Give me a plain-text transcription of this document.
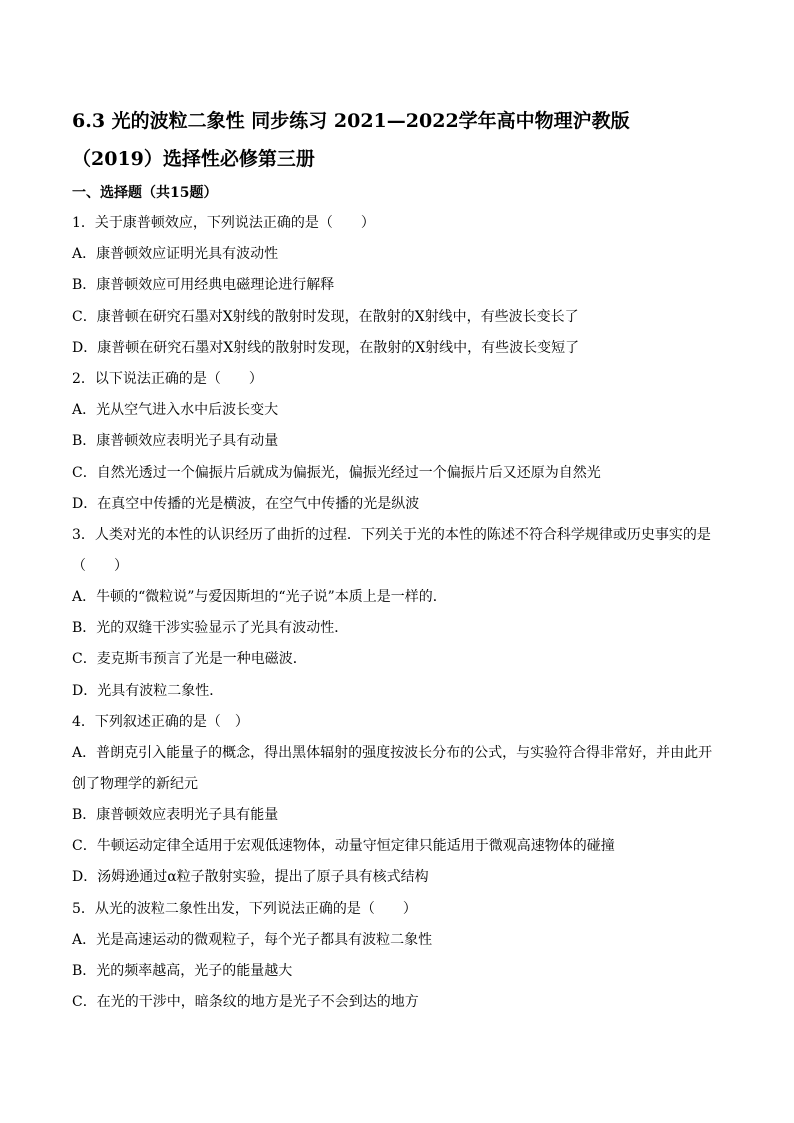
6.3 光的波粒二象性 同步练习 2021—2022学年高中物理沪教版
（2019）选择性必修第三册
一、选择题（共15题）

1．关于康普顿效应，下列说法正确的是（　　）

A．康普顿效应证明光具有波动性

B．康普顿效应可用经典电磁理论进行解释

C．康普顿在研究石墨对X射线的散射时发现，在散射的X射线中，有些波长变长了

D．康普顿在研究石墨对X射线的散射时发现，在散射的X射线中，有些波长变短了

2．以下说法正确的是（　　）

A．光从空气进入水中后波长变大

B．康普顿效应表明光子具有动量

C．自然光透过一个偏振片后就成为偏振光，偏振光经过一个偏振片后又还原为自然光

D．在真空中传播的光是横波，在空气中传播的光是纵波

3．人类对光的本性的认识经历了曲折的过程．下列关于光的本性的陈述不符合科学规律或历史事实的是（　　）

A．牛顿的“微粒说”与爱因斯坦的“光子说”本质上是一样的．

B．光的双缝干涉实验显示了光具有波动性．

C．麦克斯韦预言了光是一种电磁波．

D．光具有波粒二象性．

4．下列叙述正确的是（　）

A．普朗克引入能量子的概念，得出黑体辐射的强度按波长分布的公式，与实验符合得非常好，并由此开创了物理学的新纪元

B．康普顿效应表明光子具有能量

C．牛顿运动定律全适用于宏观低速物体，动量守恒定律只能适用于微观高速物体的碰撞

D．汤姆逊通过α粒子散射实验，提出了原子具有核式结构

5．从光的波粒二象性出发，下列说法正确的是（　　）

A．光是高速运动的微观粒子，每个光子都具有波粒二象性

B．光的频率越高，光子的能量越大

C．在光的干涉中，暗条纹的地方是光子不会到达的地方
